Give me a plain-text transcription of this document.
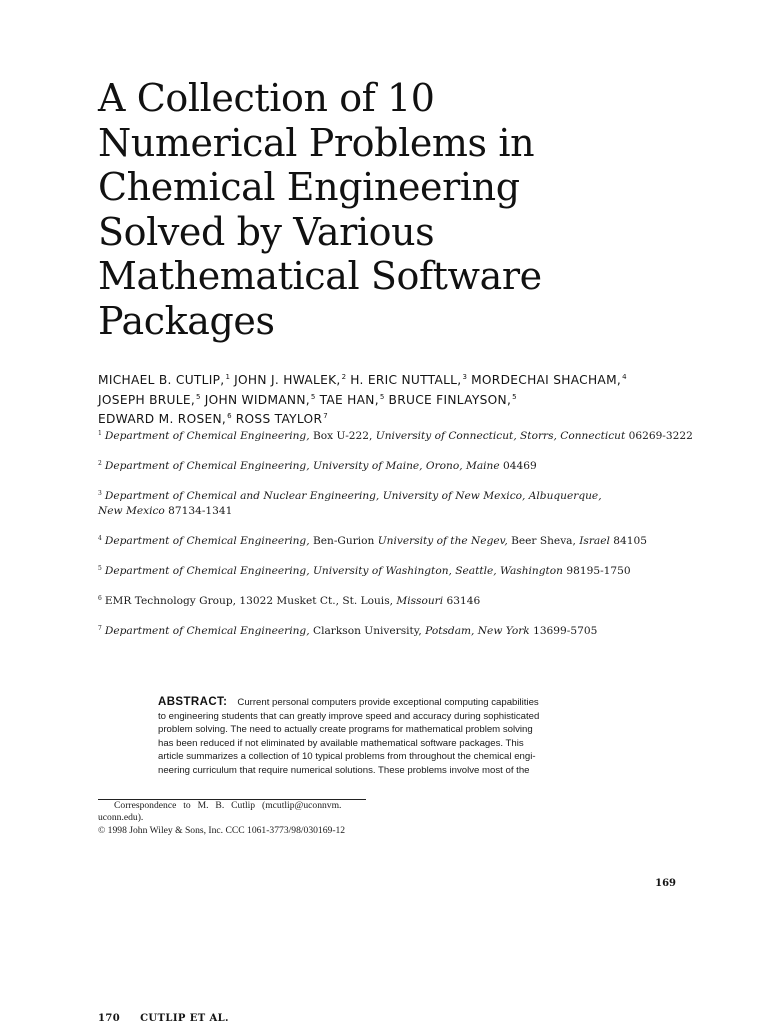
A Collection of 10
Numerical Problems in
Chemical Engineering
Solved by Various
Mathematical Software
Packages
MICHAEL B. CUTLIP,$^1$ JOHN J. HWALEK,$^2$ H. ERIC NUTTALL,$^3$ MORDECHAI SHACHAM,$^4$
JOSEPH BRULE,$^5$ JOHN WIDMANN,$^5$ TAE HAN,$^5$ BRUCE FINLAYSON,$^5$
EDWARD M. ROSEN,$^6$ ROSS TAYLOR$^7$
$^1$ Department of Chemical Engineering, Box U-222, University of Connecticut, Storrs, Connecticut 06269-3222
$^2$ Department of Chemical Engineering, University of Maine, Orono, Maine 04469
$^3$ Department of Chemical and Nuclear Engineering, University of New Mexico, Albuquerque,
New Mexico 87134-1341
$^4$ Department of Chemical Engineering, Ben-Gurion University of the Negev, Beer Sheva, Israel 84105
$^5$ Department of Chemical Engineering, University of Washington, Seattle, Washington 98195-1750
$^6$ EMR Technology Group, 13022 Musket Ct., St. Louis, Missouri 63146
$^7$ Department of Chemical Engineering, Clarkson University, Potsdam, New York 13699-5705
ABSTRACT: Current personal computers provide exceptional computing capabilities
to engineering students that can greatly improve speed and accuracy during sophisticated
problem solving. The need to actually create programs for mathematical problem solving
has been reduced if not eliminated by available mathematical software packages. This
article summarizes a collection of 10 typical problems from throughout the chemical engi-
neering curriculum that require numerical solutions. These problems involve most of the
Correspondence to M. B. Cutlip (mcutlip@uconnvm.
uconn.edu).
© 1998 John Wiley & Sons, Inc. CCC 1061-3773/98/030169-12
169
170 CUTLIP ET AL.
